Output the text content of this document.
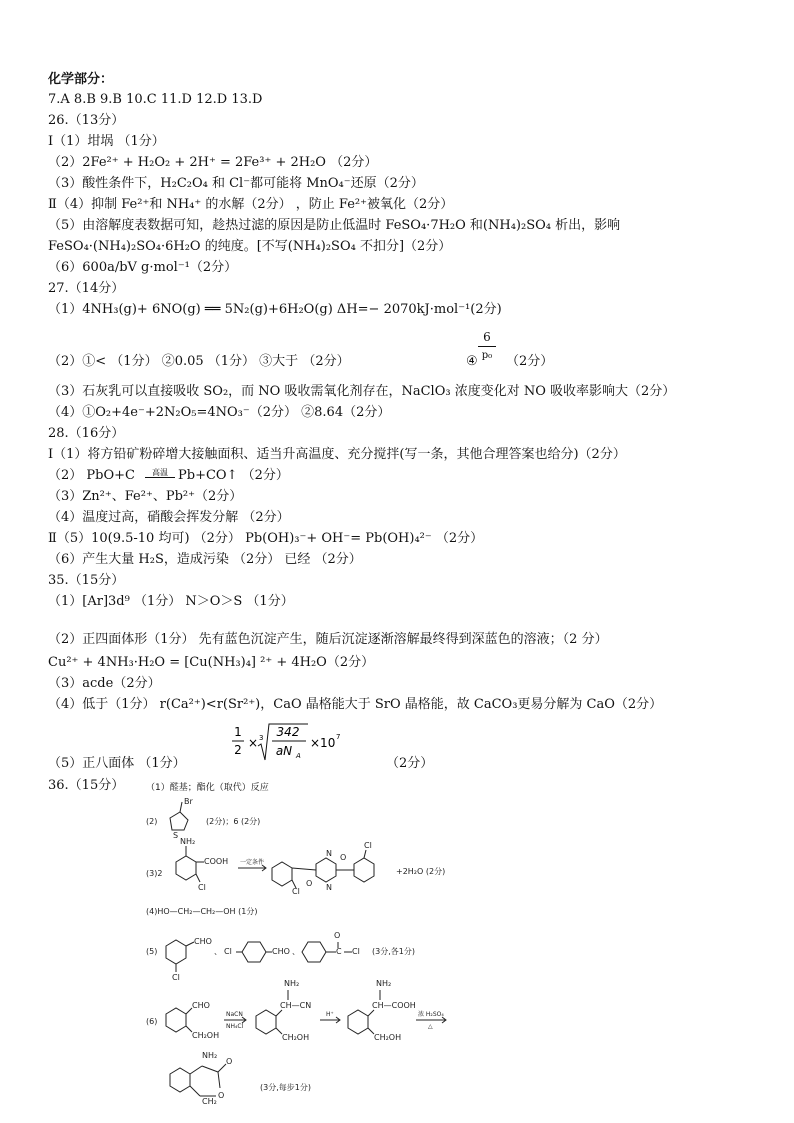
化学部分：
7.A 8.B 9.B 10.C 11.D 12.D 13.D
26.（13分）
Ⅰ（1）坩埚 （1分）
（2）2Fe²⁺ + H₂O₂ + 2H⁺ = 2Fe³⁺ + 2H₂O （2分）
（3）酸性条件下，H₂C₂O₄ 和 Cl⁻都可能将 MnO₄⁻还原（2分）
Ⅱ（4）抑制 Fe²⁺和 NH₄⁺ 的水解（2分） ，防止 Fe²⁺被氧化（2分）
（5）由溶解度表数据可知，趁热过滤的原因是防止低温时 FeSO₄·7H₂O 和(NH₄)₂SO₄ 析出，影响
FeSO₄·(NH₄)₂SO₄·6H₂O 的纯度。[不写(NH₄)₂SO₄ 不扣分]（2分）
（6）600a/bV g·mol⁻¹（2分）
27.（14分）
（1）4NH₃(g)+ 6NO(g) ══ 5N₂(g)+6H₂O(g) ΔH=− 2070kJ·mol⁻¹(2分)
（2）①< （1分） ②0.05 （1分） ③大于 （2分）	④
6
p₀ （2分）
（3）石灰乳可以直接吸收 SO₂，而 NO 吸收需氧化剂存在，NaClO₃ 浓度变化对 NO 吸收率影响大（2分）
（4）①O₂+4e⁻+2N₂O₅=4NO₃⁻（2分） ②8.64（2分）
28.（16分）
Ⅰ（1）将方铅矿粉碎增大接触面积、适当升高温度、充分搅拌(写一条，其他合理答案也给分)（2分）
（2） PbO+C	高温 Pb+CO↑ （2分）
（3）Zn²⁺、Fe²⁺、Pb²⁺（2分）
（4）温度过高，硝酸会挥发分解 （2分）
Ⅱ（5）10(9.5-10 均可) （2分） Pb(OH)₃⁻+ OH⁻= Pb(OH)₄²⁻ （2分）
（6）产生大量 H₂S，造成污染 （2分） 已经 （2分）
35.（15分）
（1）[Ar]3d⁹ （1分） N＞O＞S （1分）
（2）正四面体形（1分） 先有蓝色沉淀产生，随后沉淀逐渐溶解最终得到深蓝色的溶液；（2 分）
Cu²⁺ + 4NH₃·H₂O = [Cu(NH₃)₄] ²⁺ + 4H₂O（2分）
（3）acde（2分）
（4）低于（1分） r(Ca²⁺)<r(Sr²⁺)，CaO 晶格能大于 SrO 晶格能，故 CaCO₃更易分解为 CaO（2分）
（5）正八面体 （1分）
1
2 × 3 342
aN A
×10 7
（2分）
36.（15分） （1）醛基；酯化（取代）反应
(2)
Br
S
(2分)；6 (2分)
(3)2
NH₂
COOH
Cl
一定条件
Cl
N
N
O
O
Cl
+2H₂O (2分)
(4)HO—CH₂—CH₂—OH (1分)
(5)
CHO
Cl
、 Cl	CHO 、
O
C Cl (3分,各1分)
(6)
CHO
CH₂OH
NaCN
NH₄Cl
CH—CN
NH₂
CH₂OH
H⁺
CH—COOH
NH₂
CH₂OH
浓 H₂SO₄
△
NH₂
O
O
CH₂
(3分,每步1分)
